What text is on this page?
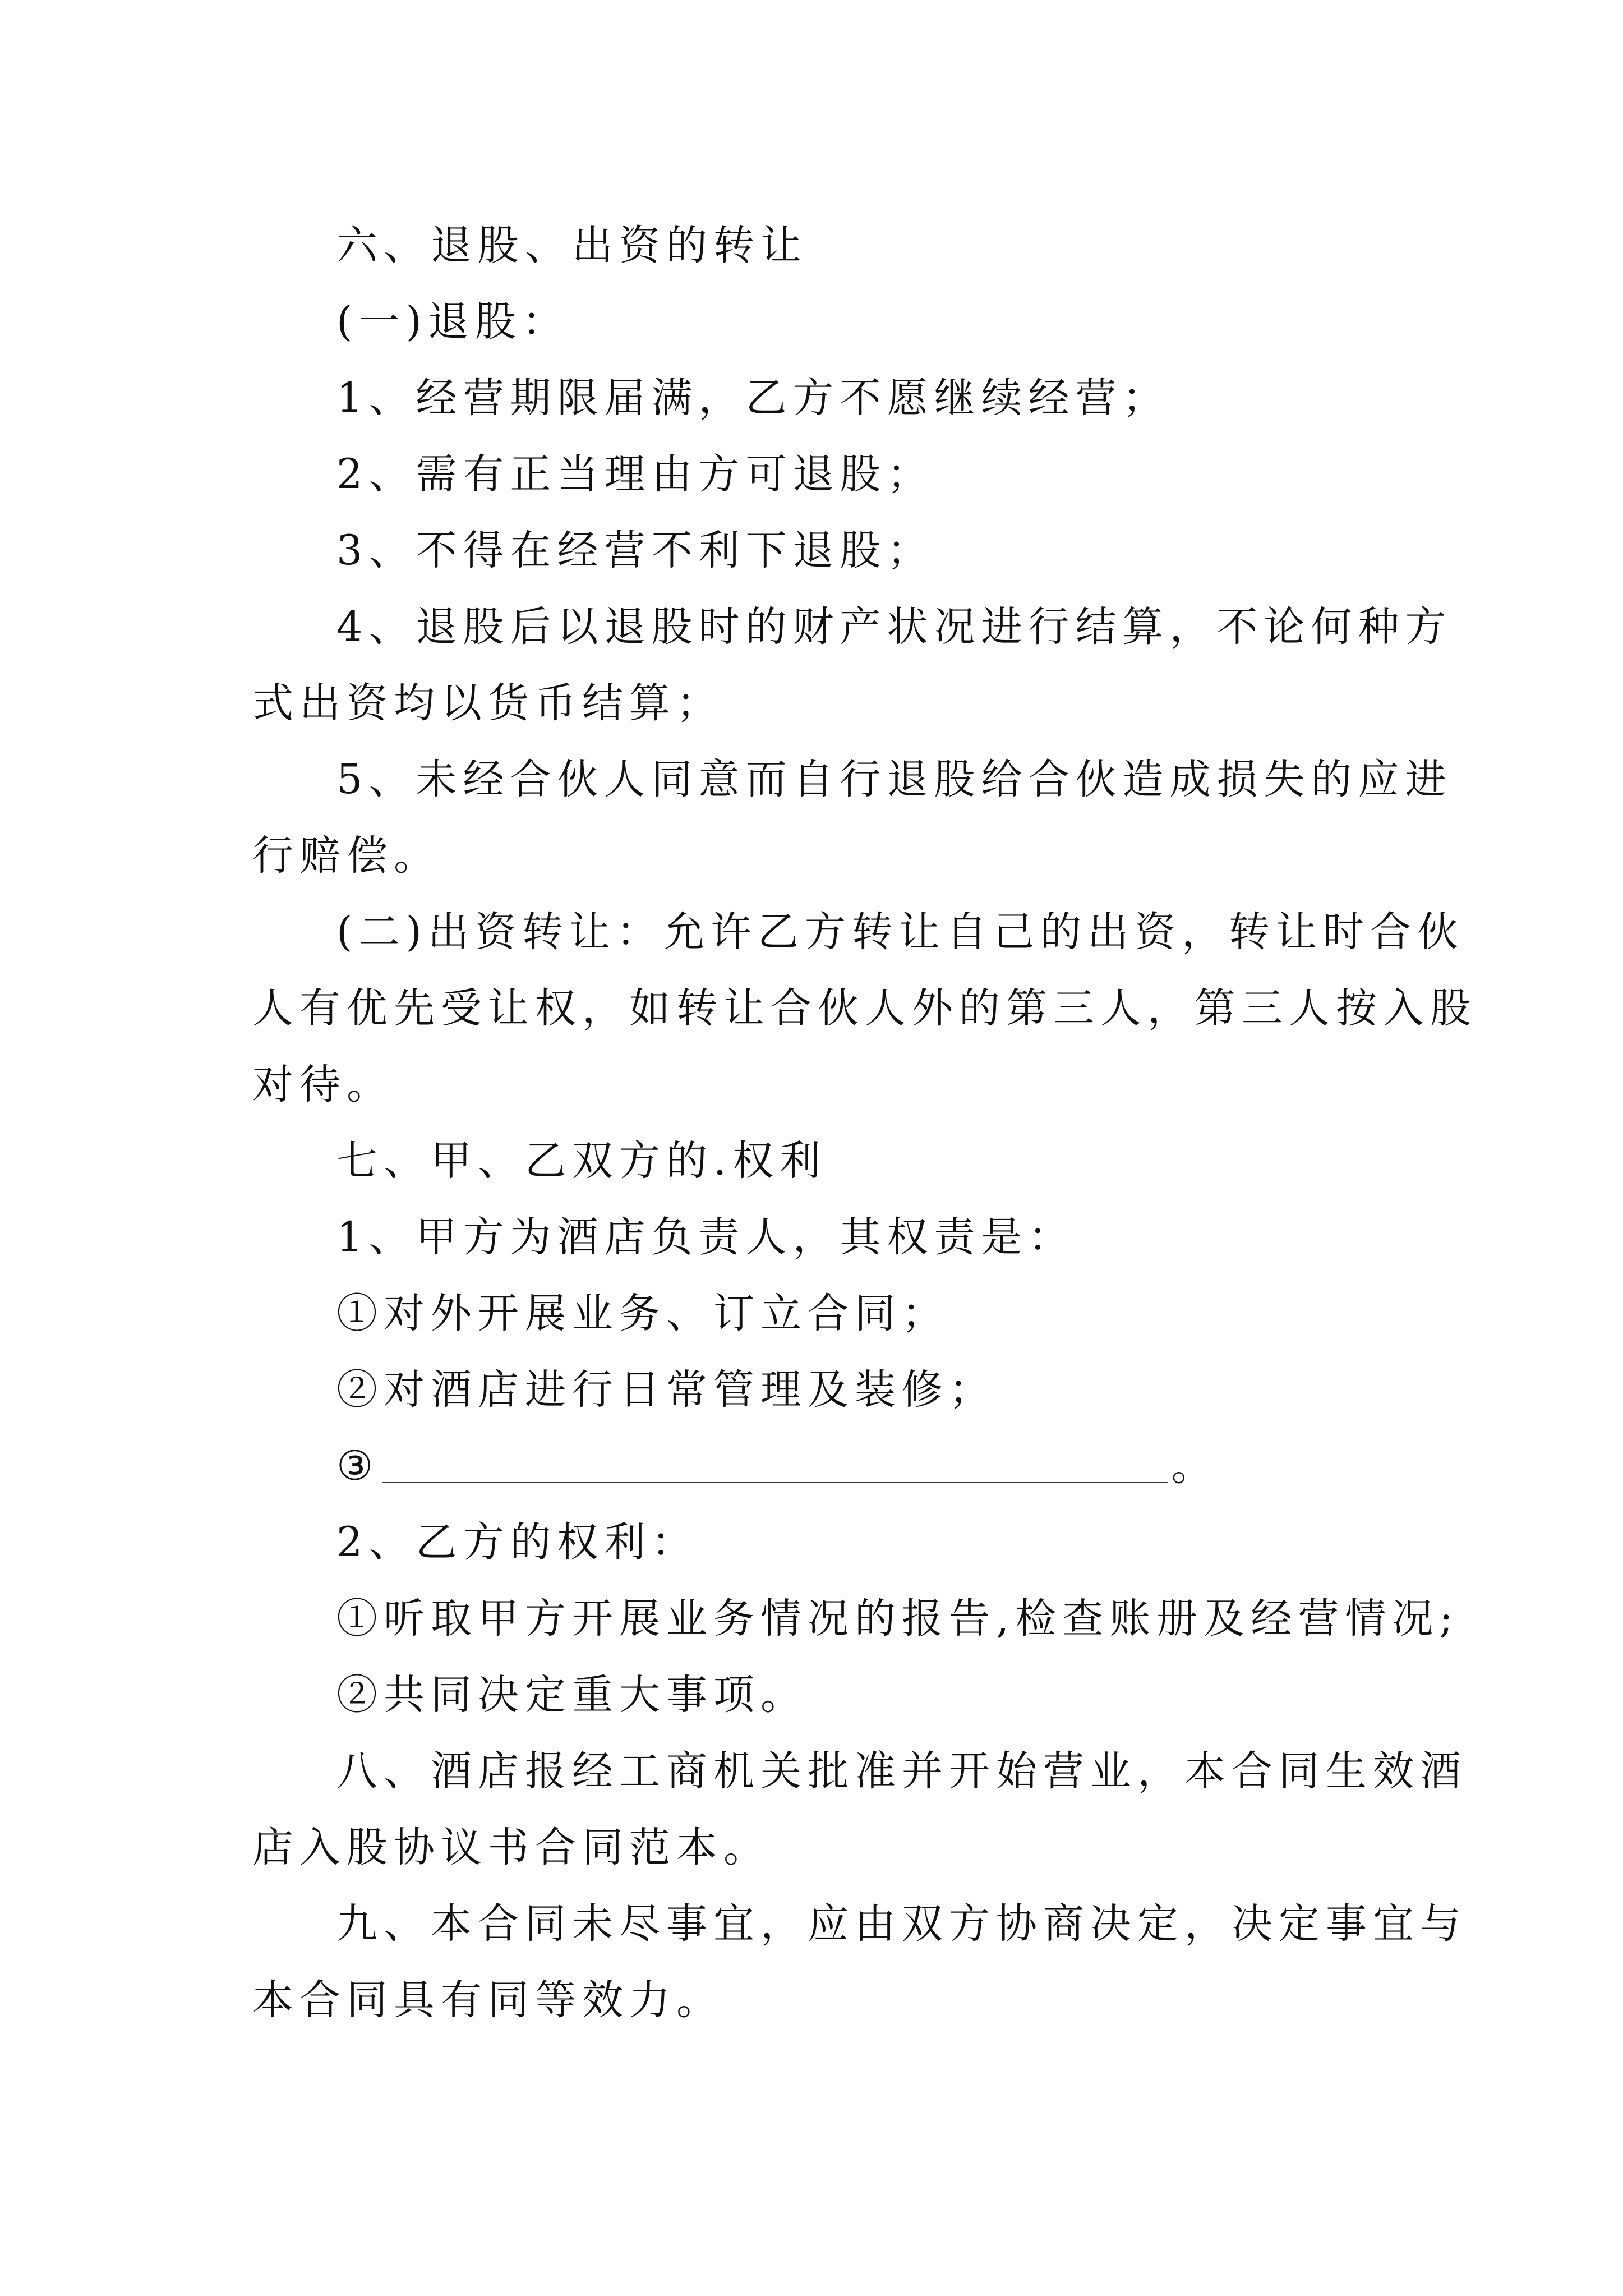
六、退股、出资的转让
(一)退股：
1、经营期限届满，乙方不愿继续经营；
2、需有正当理由方可退股；
3、不得在经营不利下退股；
4、退股后以退股时的财产状况进行结算，不论何种方
式出资均以货币结算；
5、未经合伙人同意而自行退股给合伙造成损失的应进
行赔偿。
(二)出资转让：允许乙方转让自己的出资，转让时合伙
人有优先受让权，如转让合伙人外的第三人，第三人按入股
对待。
七、甲、乙双方的.权利
1、甲方为酒店负责人，其权责是：
①对外开展业务、订立合同；
②对酒店进行日常管理及装修；
③	。
2、乙方的权利：
①听取甲方开展业务情况的报告,检查账册及经营情况;
②共同决定重大事项。
八、酒店报经工商机关批准并开始营业，本合同生效酒
店入股协议书合同范本。
九、本合同未尽事宜，应由双方协商决定，决定事宜与
本合同具有同等效力。
